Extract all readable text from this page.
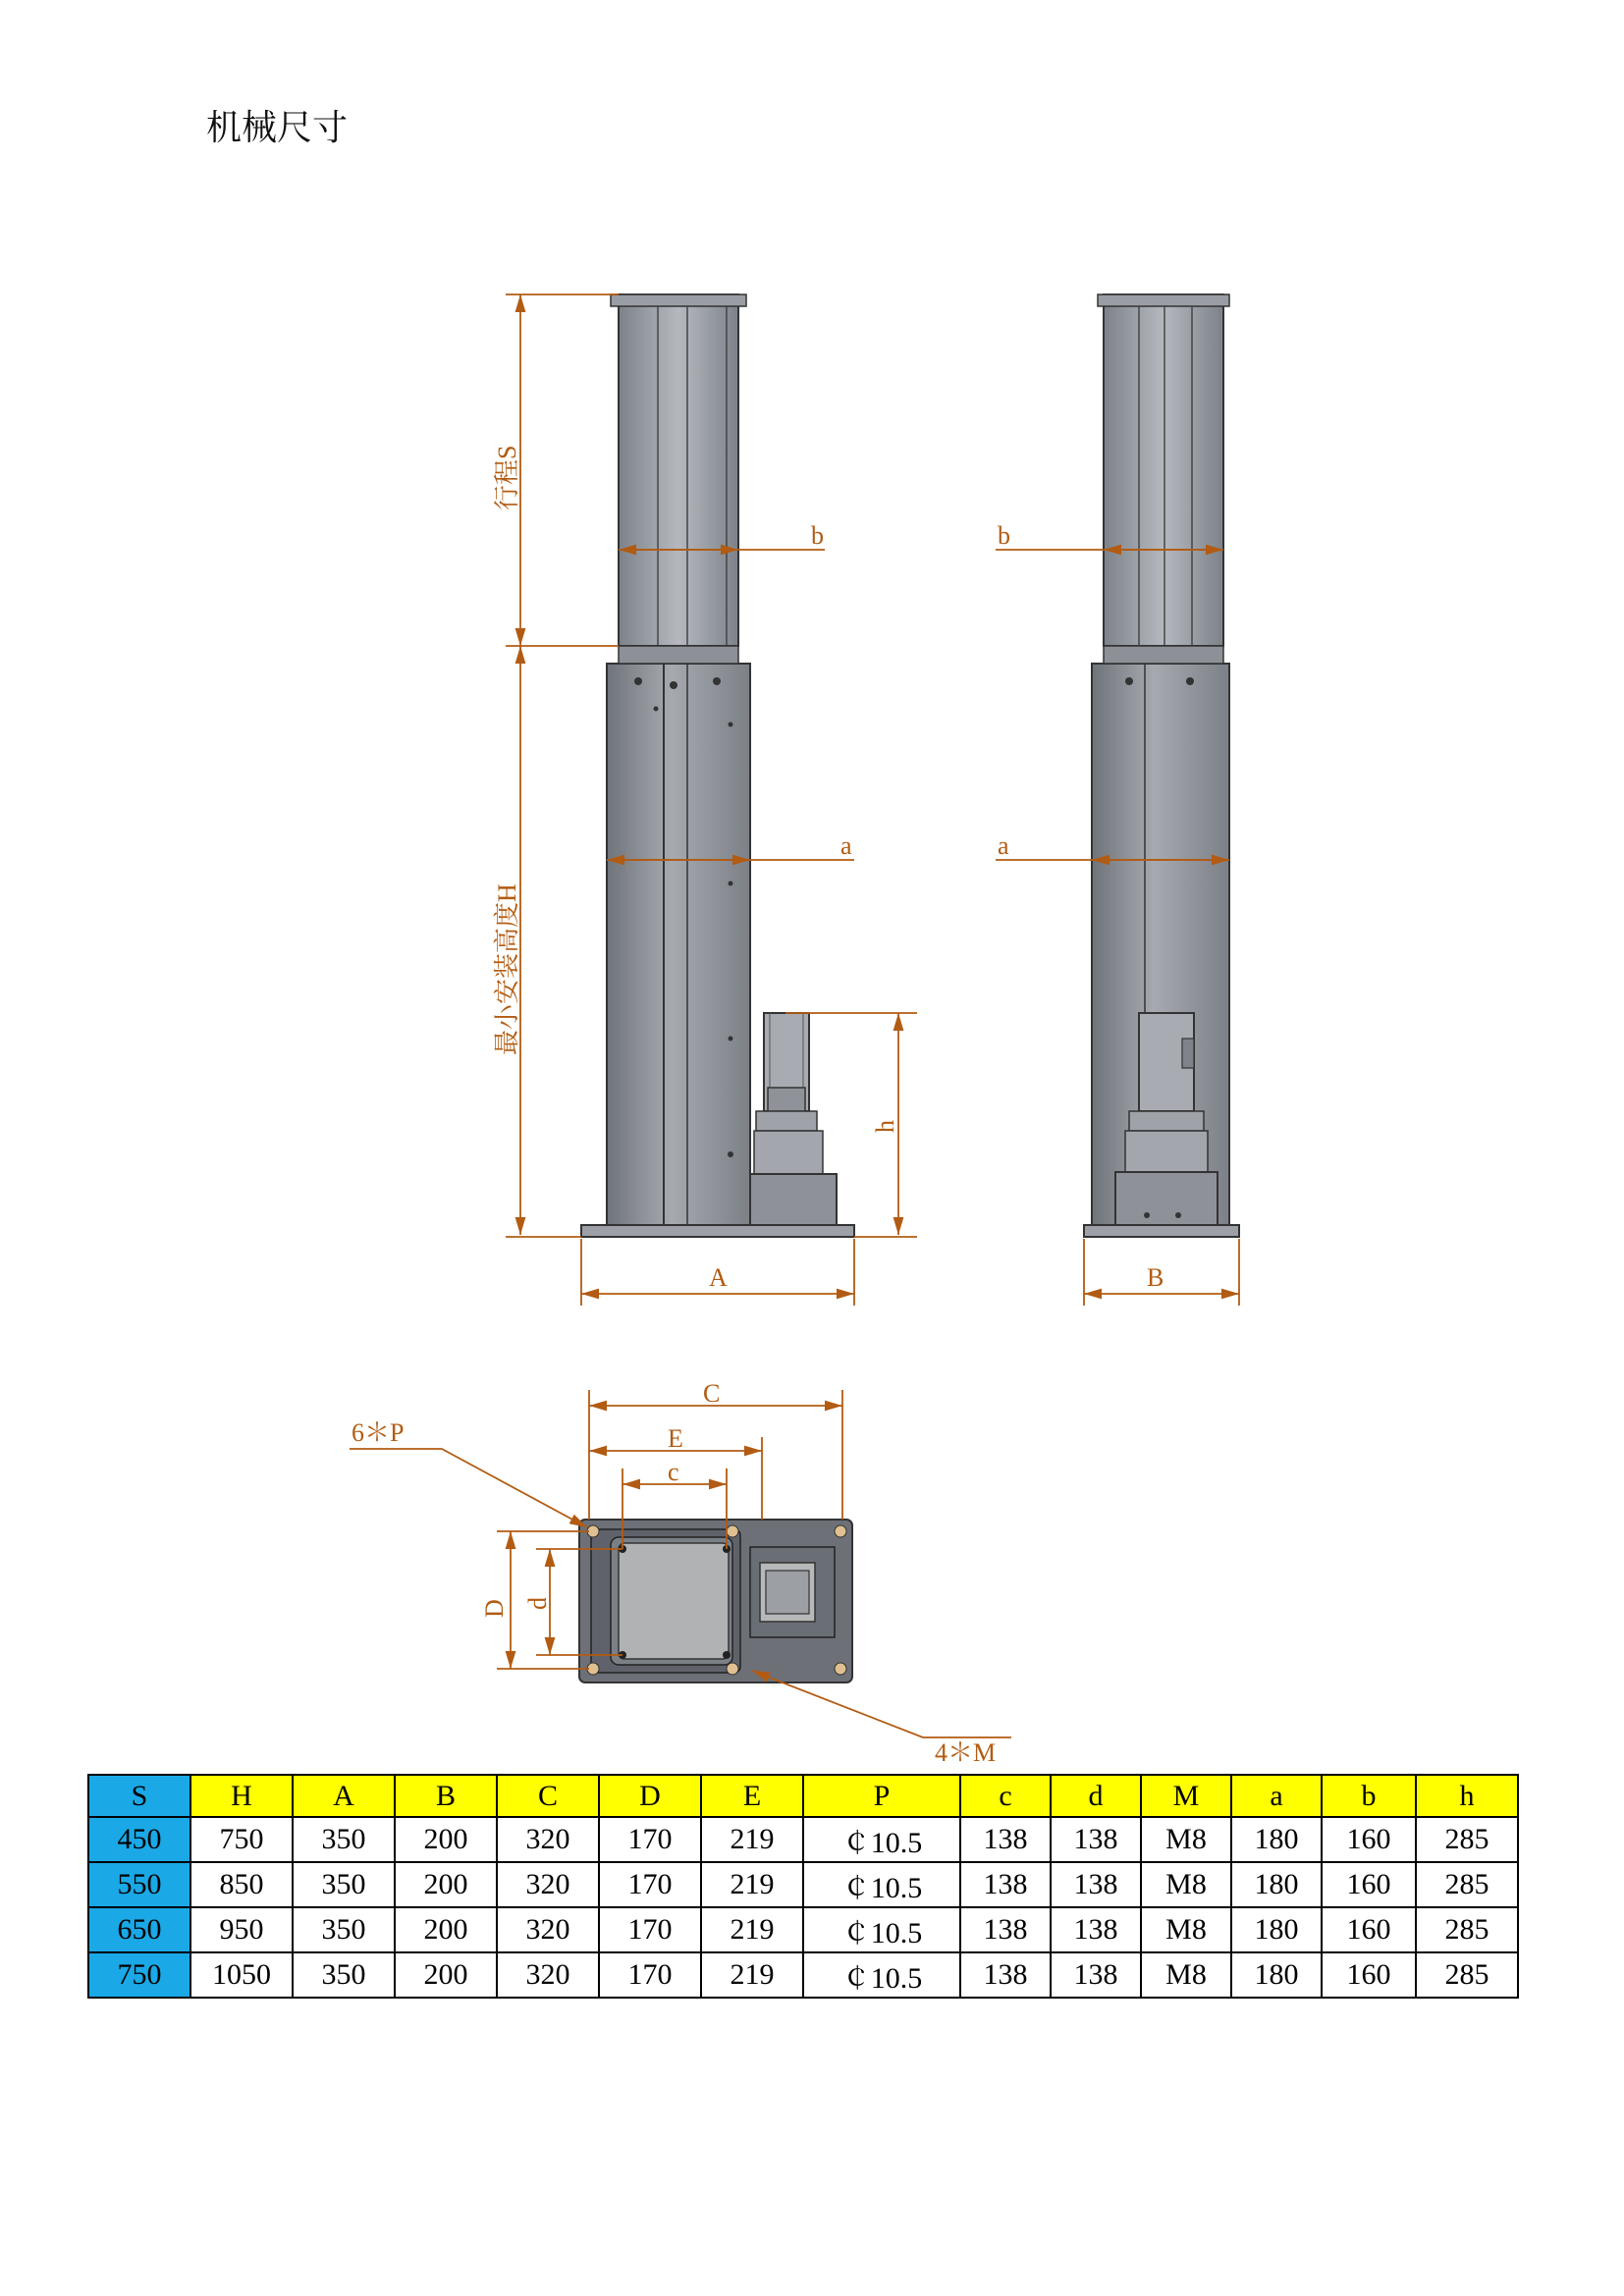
机械尺寸
行程S
最小安装高度H
b
a
h
A
b
a
B
C
E
c
D d
6＊P
4＊M
S	H	A	B	C	D	E	P	c	d	M	a	b	h
450	750	350	200	320	170	219	￠10.5	138	138	M8	180	160	285
550	850	350	200	320	170	219	￠10.5	138	138	M8	180	160	285
650	950	350	200	320	170	219	￠10.5	138	138	M8	180	160	285
750	1050	350	200	320	170	219	￠10.5	138	138	M8	180	160	285
